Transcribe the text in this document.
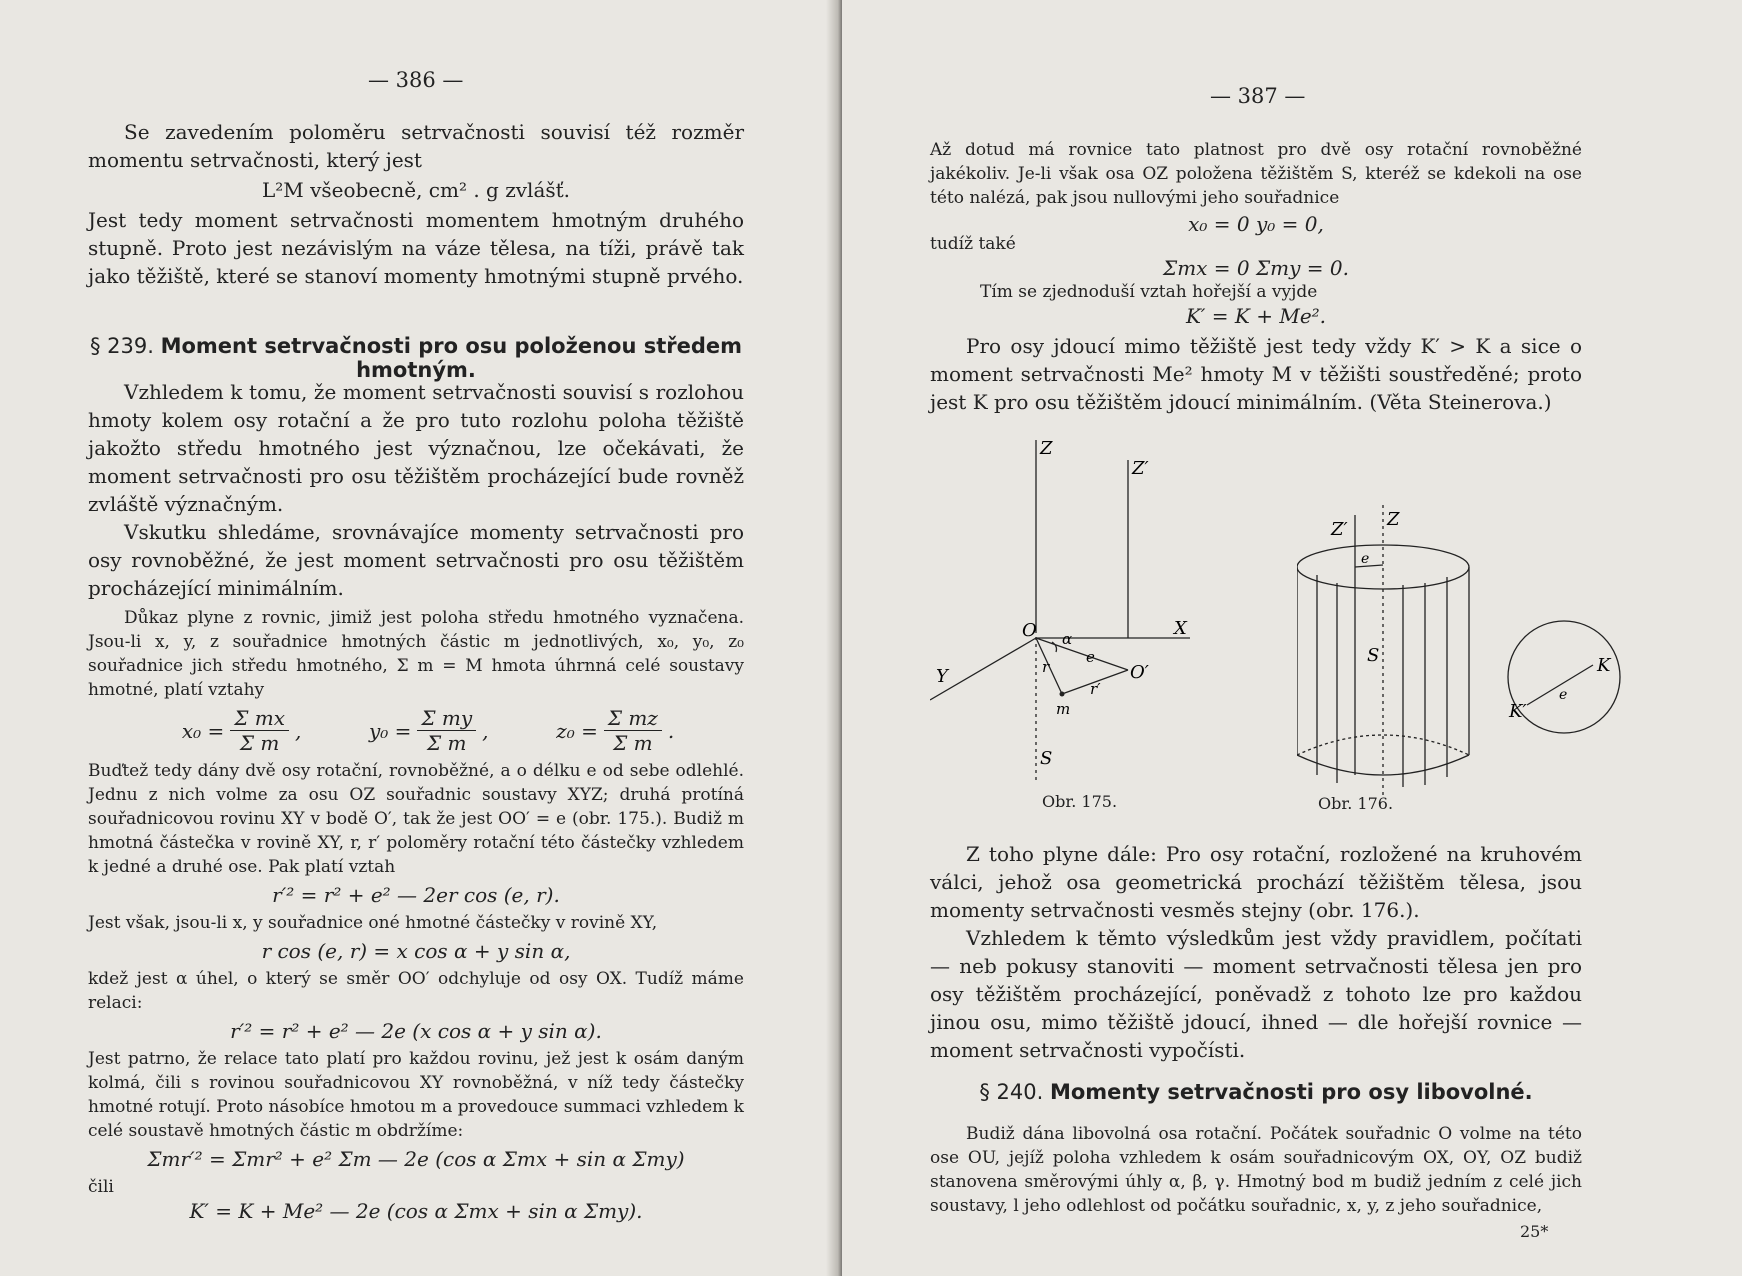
— 386 —

Se zavedením poloměru setrvačnosti souvisí též rozměr momentu setrvačnosti, který jest

L²M všeobecně, cm² . g zvlášť.

Jest tedy moment setrvačnosti momentem hmotným druhého stupně. Proto jest nezávislým na váze tělesa, na tíži, právě tak jako těžiště, které se stanoví momenty hmotnými stupně prvého.

§ 239. Moment setrvačnosti pro osu položenou středem hmotným.

Vzhledem k tomu, že moment setrvačnosti souvisí s rozlohou hmoty kolem osy rotační a že pro tuto rozlohu poloha těžiště jakožto středu hmotného jest význačnou, lze očekávati, že moment setrvačnosti pro osu těžištěm procházející bude rovněž zvláště význačným.

Vskutku shledáme, srovnávajíce momenty setrvačnosti pro osy rovnoběžné, že jest moment setrvačnosti pro osu těžištěm procházející minimálním.

Důkaz plyne z rovnic, jimiž jest poloha středu hmotného vyznačena. Jsou-li x, y, z souřadnice hmotných částic m jednotlivých, x₀, y₀, z₀ souřadnice jich středu hmotného, Σ m = M hmota úhrnná celé soustavy hmotné, platí vztahy

$x_0 = \frac{\text{Σ mx}}{\text{Σ m}}$ ,	$y_0 = \frac{\text{Σ my}}{\text{Σ m}}$ ,	$z_0 = \frac{\text{Σ mz}}{\text{Σ m}}$ .

Buďtež tedy dány dvě osy rotační, rovnoběžné, a o délku e od sebe odlehlé. Jednu z nich volme za osu OZ souřadnic soustavy XYZ; druhá protíná souřadnicovou rovinu XY v bodě O′, tak že jest OO′ = e (obr. 175.). Budiž m hmotná částečka v rovině XY, r, r′ poloměry rotační této částečky vzhledem k jedné a druhé ose. Pak platí vztah

r′² = r² + e² — 2er cos (e, r).

Jest však, jsou-li x, y souřadnice oné hmotné částečky v rovině XY,

r cos (e, r) = x cos α + y sin α,

kdež jest α úhel, o který se směr OO′ odchyluje od osy OX. Tudíž máme relaci:

r′² = r² + e² — 2e (x cos α + y sin α).

Jest patrno, že relace tato platí pro každou rovinu, jež jest k osám daným kolmá, čili s rovinou souřadnicovou XY rovnoběžná, v níž tedy částečky hmotné rotují. Proto násobíce hmotou m a provedouce summaci vzhledem k celé soustavě hmotných částic m obdržíme:

Σmr′² = Σmr² + e² Σm — 2e (cos α Σmx + sin α Σmy)

čili

K′ = K + Me² — 2e (cos α Σmx + sin α Σmy).

— 387 —

Až dotud má rovnice tato platnost pro dvě osy rotační rovnoběžné jakékoliv. Je-li však osa OZ položena těžištěm S, kteréž se kdekoli na ose této nalézá, pak jsou nullovými jeho souřadnice

x₀ = 0 y₀ = 0,

tudíž také

Σmx = 0 Σmy = 0.

Tím se zjednoduší vztah hořejší a vyjde

K′ = K + Me².

Pro osy jdoucí mimo těžiště jest tedy vždy K′ > K a sice o moment setrvačnosti Me² hmoty M v těžišti soustředěné; proto jest K pro osu těžištěm jdoucí minimálním. (Věta Steinerova.)

Z
Z′
O
O′
X
Y
α
r
r′
e
m
S
Obr. 175.
Z′ Z
e
S	K
K′
e
Obr. 176.

Z toho plyne dále: Pro osy rotační, rozložené na kruhovém válci, jehož osa geometrická prochází těžištěm tělesa, jsou momenty setrvačnosti vesměs stejny (obr. 176.).

Vzhledem k těmto výsledkům jest vždy pravidlem, počítati — neb pokusy stanoviti — moment setrvačnosti tělesa jen pro osy těžištěm procházející, poněvadž z tohoto lze pro každou jinou osu, mimo těžiště jdoucí, ihned — dle hořejší rovnice — moment setrvačnosti vypočísti.

§ 240. Momenty setrvačnosti pro osy libovolné.

Budiž dána libovolná osa rotační. Počátek souřadnic O volme na této ose OU, jejíž poloha vzhledem k osám souřadnicovým OX, OY, OZ budiž stanovena směrovými úhly α, β, γ. Hmotný bod m budiž jedním z celé jich soustavy, l jeho odlehlost od počátku souřadnic, x, y, z jeho souřadnice,

25*
